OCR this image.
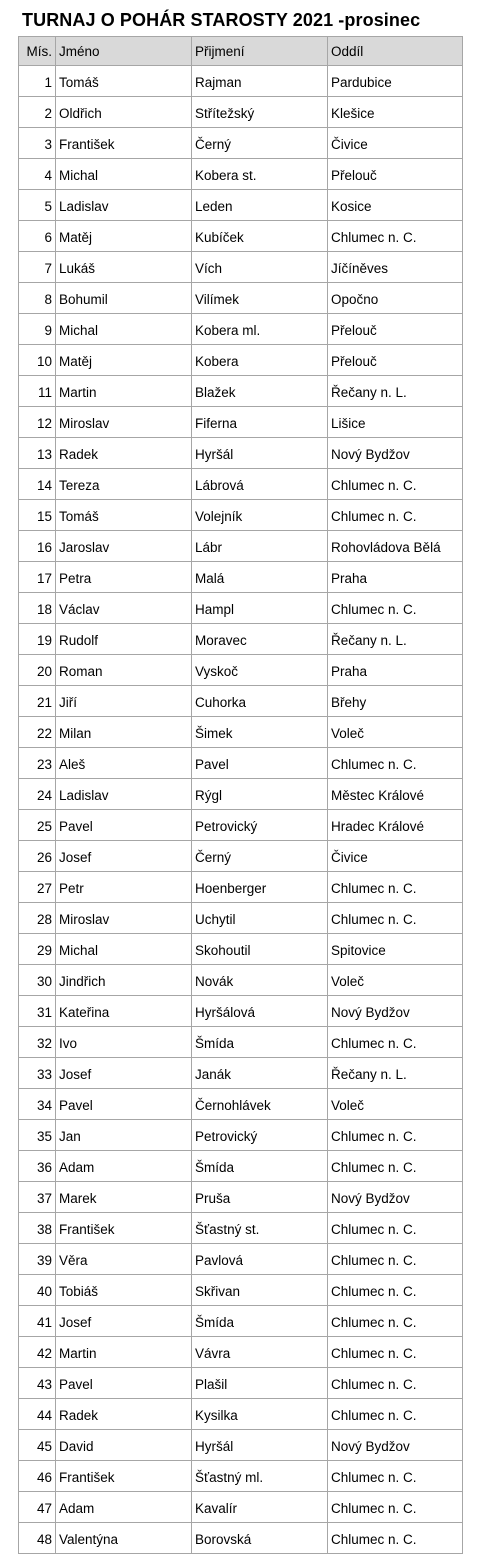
TURNAJ O POHÁR STAROSTY 2021 -prosinec
Mís.	Jméno	Přijmení	Oddíl
1	Tomáš	Rajman	Pardubice
2	Oldřich	Střítežský	Klešice
3	František	Černý	Čivice
4	Michal	Kobera st.	Přelouč
5	Ladislav	Leden	Kosice
6	Matěj	Kubíček	Chlumec n. C.
7	Lukáš	Vích	Jíčíněves
8	Bohumil	Vilímek	Opočno
9	Michal	Kobera ml.	Přelouč
10	Matěj	Kobera	Přelouč
11	Martin	Blažek	Řečany n. L.
12	Miroslav	Fiferna	Lišice
13	Radek	Hyršál	Nový Bydžov
14	Tereza	Lábrová	Chlumec n. C.
15	Tomáš	Volejník	Chlumec n. C.
16	Jaroslav	Lábr	Rohovládova Bělá
17	Petra	Malá	Praha
18	Václav	Hampl	Chlumec n. C.
19	Rudolf	Moravec	Řečany n. L.
20	Roman	Vyskoč	Praha
21	Jiří	Cuhorka	Břehy
22	Milan	Šimek	Voleč
23	Aleš	Pavel	Chlumec n. C.
24	Ladislav	Rýgl	Městec Králové
25	Pavel	Petrovický	Hradec Králové
26	Josef	Černý	Čivice
27	Petr	Hoenberger	Chlumec n. C.
28	Miroslav	Uchytil	Chlumec n. C.
29	Michal	Skohoutil	Spitovice
30	Jindřich	Novák	Voleč
31	Kateřina	Hyršálová	Nový Bydžov
32	Ivo	Šmída	Chlumec n. C.
33	Josef	Janák	Řečany n. L.
34	Pavel	Černohlávek	Voleč
35	Jan	Petrovický	Chlumec n. C.
36	Adam	Šmída	Chlumec n. C.
37	Marek	Pruša	Nový Bydžov
38	František	Šťastný st.	Chlumec n. C.
39	Věra	Pavlová	Chlumec n. C.
40	Tobiáš	Skřivan	Chlumec n. C.
41	Josef	Šmída	Chlumec n. C.
42	Martin	Vávra	Chlumec n. C.
43	Pavel	Plašil	Chlumec n. C.
44	Radek	Kysilka	Chlumec n. C.
45	David	Hyršál	Nový Bydžov
46	František	Šťastný ml.	Chlumec n. C.
47	Adam	Kavalír	Chlumec n. C.
48	Valentýna	Borovská	Chlumec n. C.
